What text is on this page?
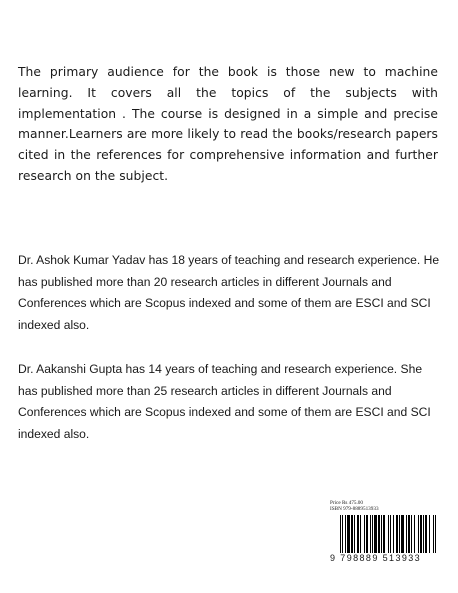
The primary audience for the book is those new to machine learning. It covers all the topics of the subjects with implementation . The course is designed in a simple and precise manner.Learners are more likely to read the books/research papers cited in the references for comprehensive information and further research on the subject.
Dr. Ashok Kumar Yadav has 18 years of teaching and research experience. He has published more than 20 research articles in different Journals and Conferences which are Scopus indexed and some of them are ESCI and SCI indexed also.
Dr. Aakanshi Gupta has 14 years of teaching and research experience. She has published more than 25 research articles in different Journals and Conferences which are Scopus indexed and some of them are ESCI and SCI indexed also.
Price Rs 475.00
ISBN 979-8889513933
9 798889 513933
